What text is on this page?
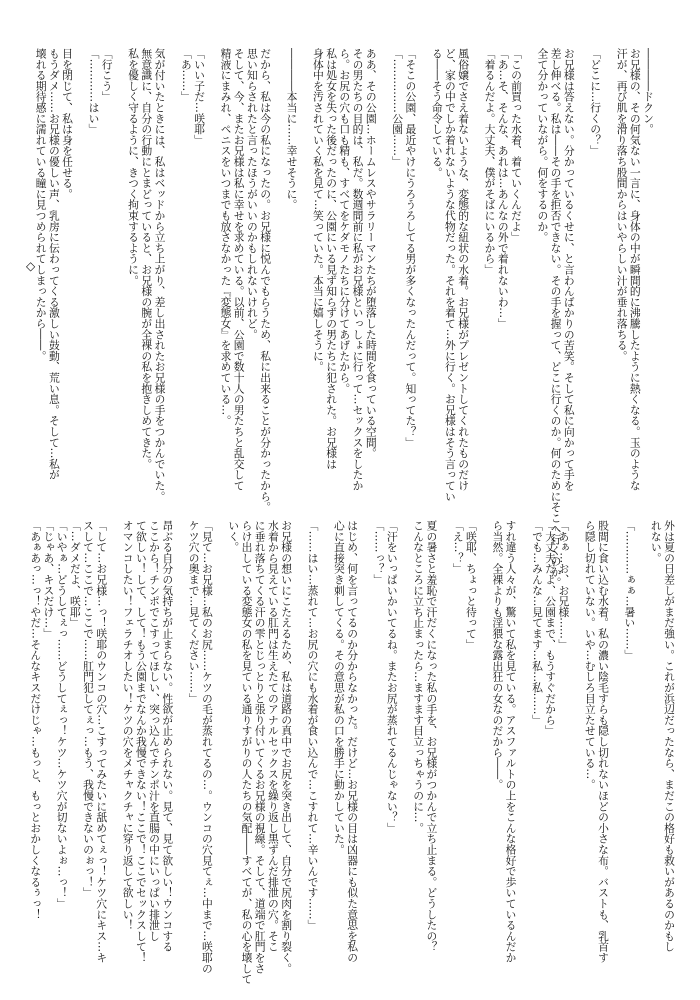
――――ドクン。
お兄様の、その何気ない一言に、身体の中が瞬間的に沸騰したように熱くなる。玉のような
汗が、再び肌を滑り落ち股間からはいやらしい汁が垂れ落ちる。

「どこに…行くの？」

お兄様は答えない。分かっているくせに、と言わんばかりの苦笑。そして私に向かって手を
差し伸べる。私は――その手を拒否できない。その手を握って、どこに行くのか。何のためにそこへ行くのか。
全て分かっていながら。何をするのか。

「この前買った水着、着ていくんだよ」
「あ…そ、そんな、あれは…あんなの外で着れないわ…」
「着るんだよ。大丈夫、僕がそばにいるから」

風俗嬢でさえ着ないような、変態的な紐状の水着。お兄様がプレゼントしてくれたものだけ
ど、家の中でしか着れないような代物だった。それを着て…外に行く。お兄様はそう言ってい
る――そう命令している。

「そこの公園、最近やけにうろうろしてる男が多くなったんだって。知ってた？」
「……………公園……」

ああ、その公園…ホームレスやサラリーマンたちが堕落した時間を食っている空間。
その男たちの目的は、私だ。数週間前に私がお兄様といっしょに行って…セックスをしたか
ら。お尻の穴も口も精も、すべてをケダモノたちに分けてあげたから。
私は処女を失った後だったのに、公園にいる見ず知らずの男たちに犯された。お兄様は
身体中を汚されていく私を見て…笑っていた。本当に嬉しそうに。

――――本当に……幸せそうに。

だから、私は今の私になったの。お兄様に悦んでもらうため、私に出来ることが分かったから。
思い知らされたと言ったほうがいいのかもしれないけれど。
そして、今、またお兄様は私に幸せを求めている。以前、公園で数十人の男たちと乱交して
精液にまみれ、ペニスをいつまでも放さなかった『変態女』を求めている…。

「いい子だ…咲耶」
「あ……」

気が付いたときには、私はベッドから立ち上がり、差し出されたお兄様の手をつかんでいた。
無意識に、自分の行動にとまどっていると、お兄様の腕が全裸の私を抱きしめてきた。
私を優しく守るように、きつく拘束するように。

「行こう」
「…………はい」

目を閉じて、私は身を任せる。
もうダメ……お兄様の優しい声、乳房に伝わってくる激しい鼓動、荒い息。そして…私が
壊れる期待感に濡れている瞳に見つめられてしまったから――。
外は夏の日差しがまだ強い。これが浜辺だったなら、まだこの格好も救いがあるのかもし
れない。

「…………ぁぁ…暑い……」

股間に食い込む水着。私の濃い陰毛すらも隠し切れないほどの小さな布。バストも、乳首す
ら隠し切れていない。いや…むしろ目立たせている…。

「あぁ…お、お兄様……」
「大丈夫だよ、公園まで、もうすぐだから」
「でも…みんな…見てます…私…私……」

すれ違う人々が、驚いて私を見ている。アスファルトの上をこんな格好で歩いているんだか
ら当然。全裸よりも淫猥な露出狂の女なのだから――。

「咲耶、ちょっと待って」
「え…？」

夏の暑さと羞恥で汗だくになった私の手を、お兄様がつかんで立ち止まる。どうしたの？
こんなところに立ち止まったら…ますます目立っちゃうのに…。

「汗をいっぱいかいてるね。またお尻が蒸れてるんじゃない？」
「……っ？」

はじめ、何を言ってるのか分からなかった。だけど…お兄様の目は凶器にも似た意思を私の
心に直接突き刺してくる。その意思が私の口を勝手に動かしていた。

「……はい…蒸れて…お尻の穴にも水着が食い込んで…こすれて…辛いんです……」

お兄様の想いにこたえるため、私は道路の真中でお尻を突き出して、自分で尻肉を割り裂く。
水着から見えている肛門は生えたてのアナルセックスを繰り返し黒ずんだ排泄の穴。そこ
に垂れ落ちてくる汗の雫とじっとりと張り付いてくるお兄様の視線。そして、道端で肛門をさ
らけ出している変態女の私を見ている通りすがりの人たちの気配――すべてが、私の心を壊して
いく。

「見て…お兄様…私のお尻……ケツの毛が蒸れてるの…。ウンコの穴見てぇ…中まで…咲耶の
ケツ穴の奥まで…見てください……」

昂ぶる自分の気持ちが止まらない。性欲が止められない。見て、見て欲しい！ウンコする
ここから！チンポでこすってほしい、突っ込んでチンポ汁を直腸の中にいっぱい排泄し
て欲しい！して、して！もう公園までなんか我慢できない！ここで！ここでセックスして！
オマンコしたい！フェラチオしたい！ケツの穴をメチャクチャに穿り返して欲しい！

「して…お兄様…っ！咲耶のウンコの穴…こすってみたいに舐めてぇっ！ケツ穴にキス…キ
スして…ここで…ここで……肛門犯してぇっ…もう、我慢できないのぉっ！」
「…ダメだよ、咲耶」
「いやぁ…どうしてぇっ……どうしてぇっ！ケツ…ケツ穴が切ないよぉ…っ！」
「じゃあ、キスだけ…」
「あぁあっ…っ！やだ…そんなキスだけじゃ…もっと、もっとおかしくなるぅっ！
◇
